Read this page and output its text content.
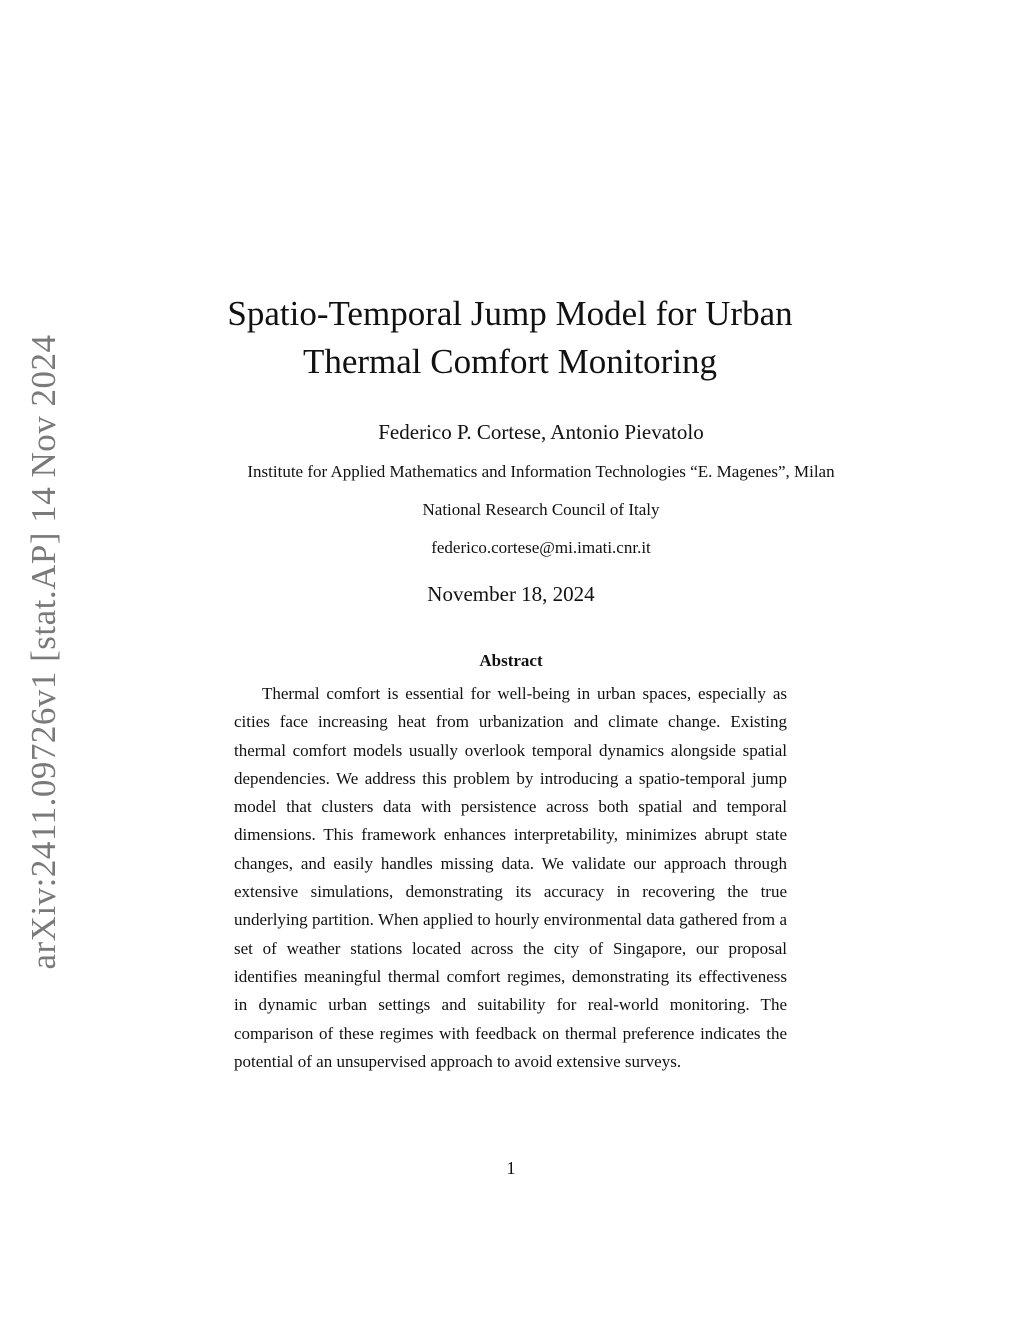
arXiv:2411.09726v1 [stat.AP] 14 Nov 2024
Spatio-Temporal Jump Model for Urban
Thermal Comfort Monitoring
Federico P. Cortese, Antonio Pievatolo
Institute for Applied Mathematics and Information Technologies “E. Magenes”, Milan
National Research Council of Italy
federico.cortese@mi.imati.cnr.it
November 18, 2024
Abstract

Thermal comfort is essential for well-being in urban spaces, especially as cities face increasing heat from urbanization and climate change. Existing thermal comfort models usually overlook temporal dynamics alongside spatial dependencies. We address this problem by introducing a spatio-temporal jump model that clusters data with persistence across both spatial and temporal dimensions. This framework enhances interpretability, minimizes abrupt state changes, and easily handles missing data. We validate our approach through extensive simulations, demonstrating its accuracy in recovering the true underlying partition. When applied to hourly environmental data gathered from a set of weather stations located across the city of Singapore, our proposal identifies meaningful thermal comfort regimes, demonstrating its effectiveness in dynamic urban settings and suitability for real-world monitoring. The comparison of these regimes with feedback on thermal preference indicates the potential of an unsupervised approach to avoid extensive surveys.

1
